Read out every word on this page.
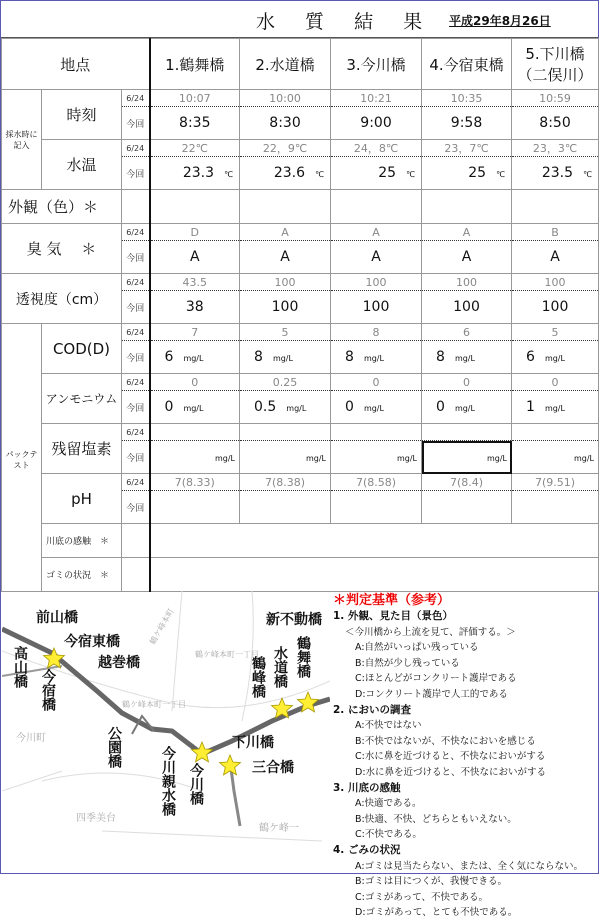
水 質 結 果 平成29年8月26日
地点			1.鶴舞橋	2.水道橋	3.今川橋	4.今宿東橋	5.下川橋
（二俣川）

採水時に記入	時刻	6/24	10:07	10:00	10:21	10:35	10:59
		今回	8:35	8:30	9:00	9:58	8:50
	水温	6/24	22℃	22，9℃	24，8℃	23，7℃	23，3℃
		今回	23.3 ℃	23.6 ℃	25 ℃	25 ℃	23.5 ℃
外観（色）＊							
臭 気　 ＊		6/24	D	A	A	A	B
		今回	A	A	A	A	A
透視度（cm）		6/24	43.5	100	100	100	100
		今回	38	100	100	100	100
パックテスト	COD(D)	6/24	7	5	8	6	5
		今回	6 mg/L	8 mg/L	8 mg/L	8 mg/L	6 mg/L
	アンモニウム	6/24	0	0.25	0	0	0
		今回	0 mg/L	0.5 mg/L	0 mg/L	0 mg/L	1 mg/L
	残留塩素	6/24					
		今回	mg/L	mg/L	mg/L	mg/L	mg/L
	pH	6/24	7(8.33)	7(8.38)	7(8.58)	7(8.4)	7(9.51)
		今回					
	川底の感触　＊						
	ゴミの状況　＊						
今川町
四季美台
鶴ケ峰本町一丁目
鶴ケ峰本町一丁目
鶴ケ峰一
鶴ケ峰本町
前山橋
今宿東橋
越巻橋
高山橋
今宿橋
公園橋	今川親水橋 今川橋
下川橋
三合橋
新不動橋
水道橋
鶴峰橋 鶴舞橋
＊判定基準（参考）
1. 外観、見た目（景色）
＜今川橋から上流を見て、評価する。＞
A:自然がいっぱい残っている
B:自然が少し残っている
C:ほとんどがコンクリート護岸である
D:コンクリート護岸で人工的である
2. においの調査
A:不快ではない
B:不快ではないが、不快なにおいを感じる
C:水に鼻を近づけると、不快なにおいがする
D:水に鼻を近づけると、不快なにおいがする
3. 川底の感触
A:快適である。
B:快適、不快、どちらともいえない。
C:不快である。
4. ごみの状況
A:ゴミは見当たらない、または、全く気にならない。
B:ゴミは目につくが、我慢できる。
C:ゴミがあって、不快である。
D:ゴミがあって、とても不快である。
